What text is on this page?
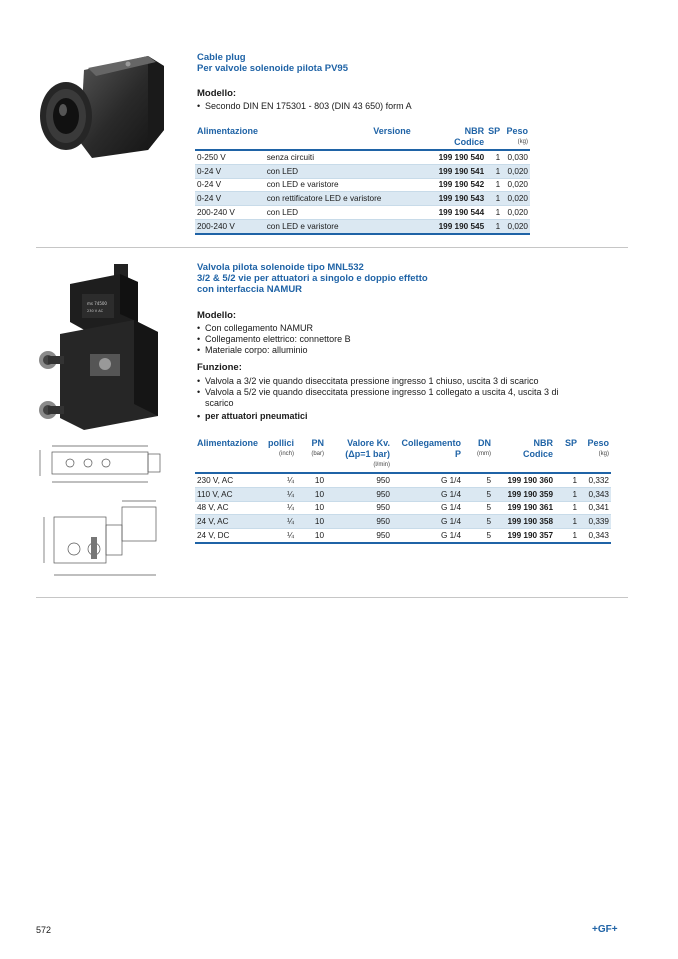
Cable plug
Per valvole solenoide pilota PV95
Modello:
• Secondo DIN EN 175301 - 803 (DIN 43 650) form A
Alimentazione	Versione	NBR
Codice	SP	Peso
(kg)

0-250 V	senza circuiti	199 190 540	1	0,030
0-24 V	con LED	199 190 541	1	0,020
0-24 V	con LED e varistore	199 190 542	1	0,020
0-24 V	con rettificatore LED e varistore	199 190 543	1	0,020
200-240 V	con LED	199 190 544	1	0,020
200-240 V	con LED e varistore	199 190 545	1	0,020
ms 74500
230 V AC
Valvola pilota solenoide tipo MNL532
3/2 & 5/2 vie per attuatori a singolo e doppio effetto
con interfaccia NAMUR
Modello:
• Con collegamento NAMUR
• Collegamento elettrico: connettore B
• Materiale corpo: alluminio
Funzione:
• Valvola a 3/2 vie quando diseccitata pressione ingresso 1 chiuso, uscita 3 di scarico
• Valvola a 5/2 vie quando diseccitata pressione ingresso 1 collegato a uscita 4, uscita 3 di
scarico
• per attuatori pneumatici
Alimentazione	pollici
(inch)	PN
(bar)	Valore Kv.
(Δp=1 bar)
(l/min)	Collegamento
P	DN
(mm)	NBR
Codice	SP	Peso
(kg)

230 V, AC	¼	10	950	G 1/4	5	199 190 360	1	0,332
110 V, AC	¼	10	950	G 1/4	5	199 190 359	1	0,343
48 V, AC	¼	10	950	G 1/4	5	199 190 361	1	0,341
24 V, AC	¼	10	950	G 1/4	5	199 190 358	1	0,339
24 V, DC	¼	10	950	G 1/4	5	199 190 357	1	0,343
572	+GF+
